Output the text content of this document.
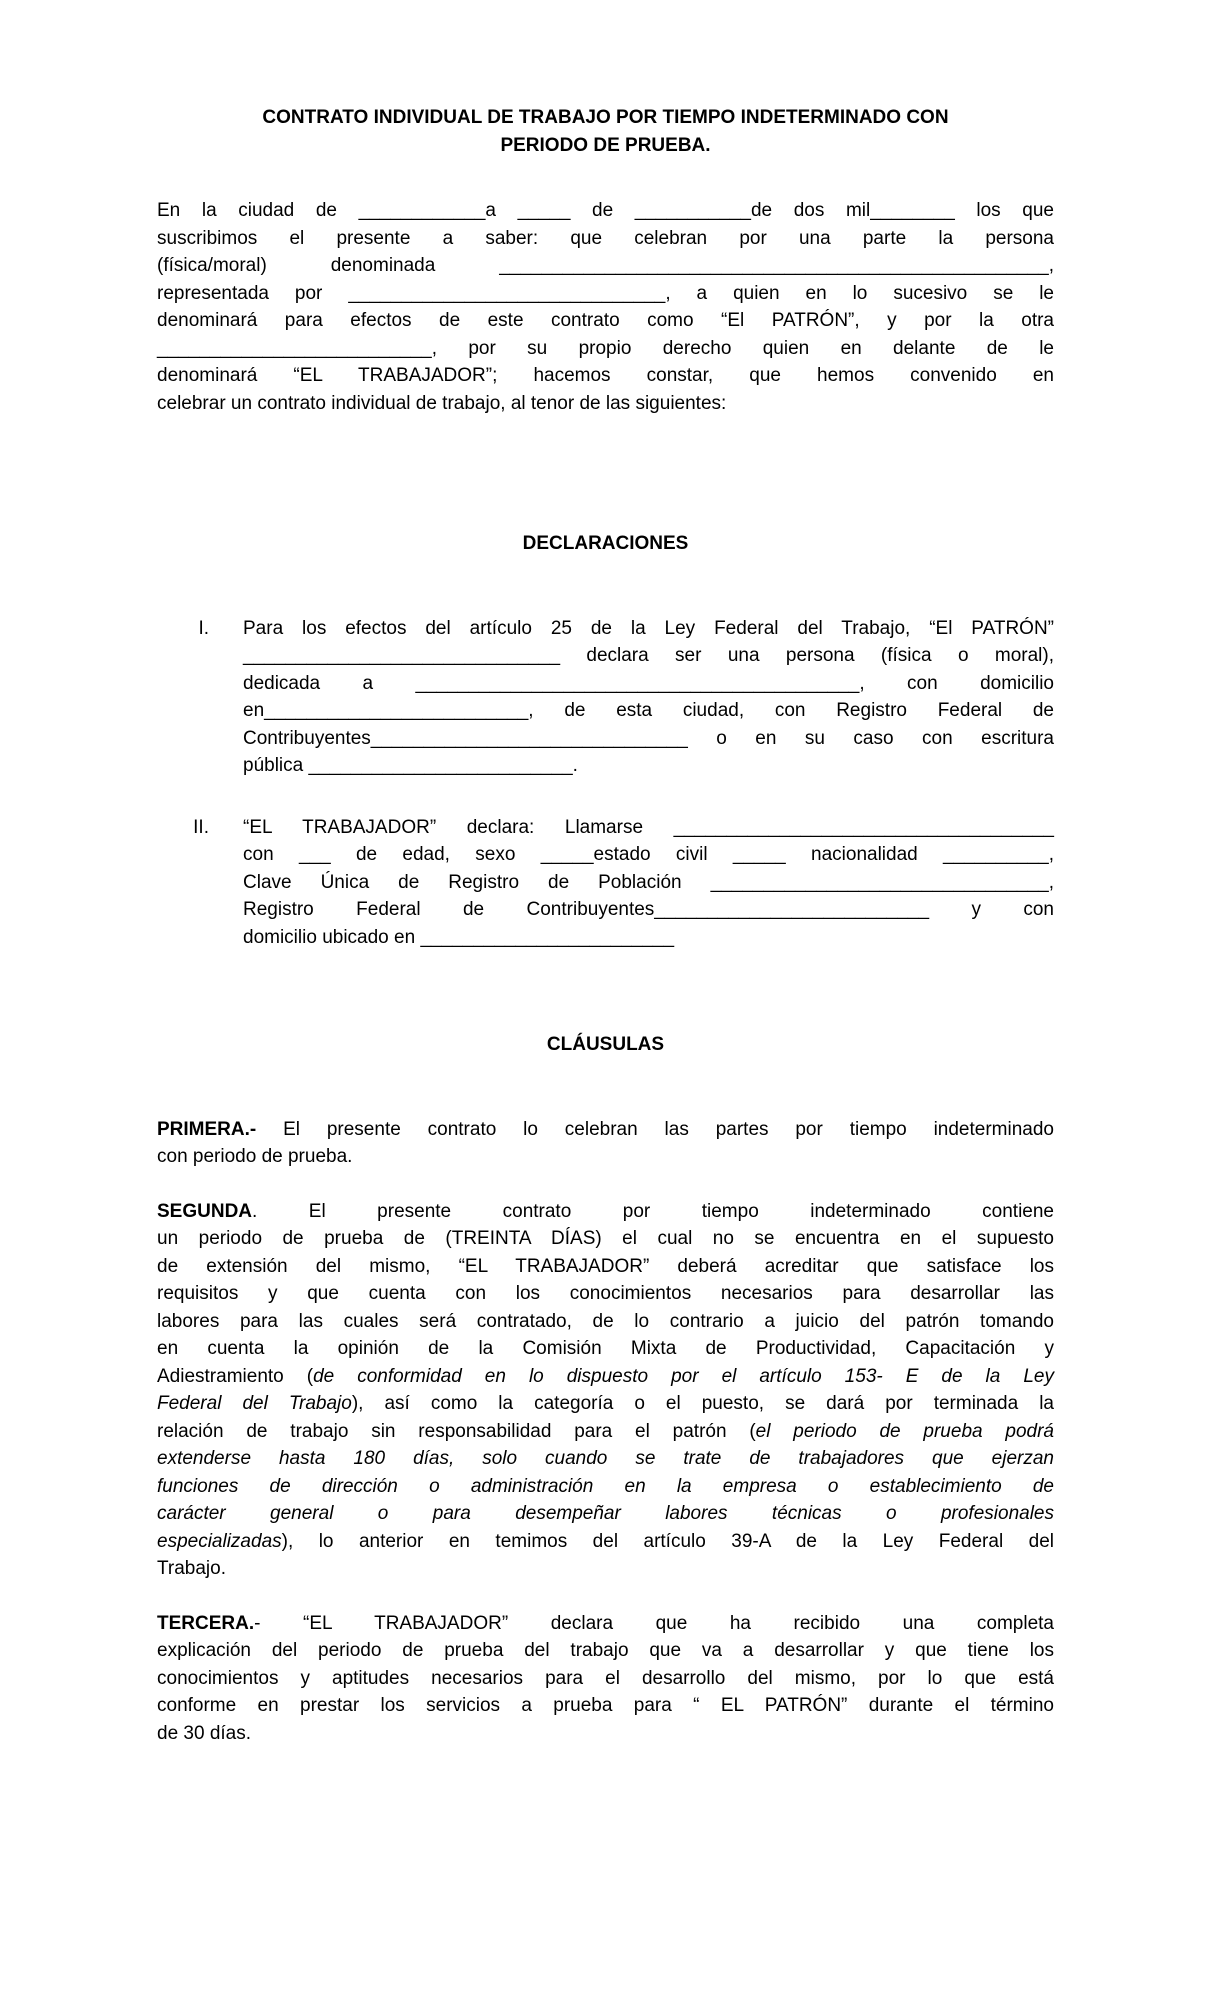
CONTRATO INDIVIDUAL DE TRABAJO POR TIEMPO INDETERMINADO CON
PERIODO DE PRUEBA.
En la ciudad de ____________a _____ de ___________de dos mil________ los que
suscribimos el presente a saber: que celebran por una parte la persona
(física/moral) denominada ____________________________________________________,
representada por ______________________________, a quien en lo sucesivo se le
denominará para efectos de este contrato como “El PATRÓN”, y por la otra
__________________________, por su propio derecho quien en delante de le
denominará “EL TRABAJADOR”; hacemos constar, que hemos convenido en
celebrar un contrato individual de trabajo, al tenor de las siguientes:
DECLARACIONES
I. Para los efectos del artículo 25 de la Ley Federal del Trabajo, “El PATRÓN”
______________________________ declara ser una persona (física o moral),
dedicada a __________________________________________, con domicilio
en_________________________, de esta ciudad, con Registro Federal de
Contribuyentes______________________________ o en su caso con escritura
pública _________________________.
II. “EL TRABAJADOR” declara: Llamarse ____________________________________
con ___ de edad, sexo _____estado civil _____ nacionalidad __________,
Clave Única de Registro de Población ________________________________,
Registro Federal de Contribuyentes__________________________ y con
domicilio ubicado en ________________________
CLÁUSULAS
PRIMERA.- El presente contrato lo celebran las partes por tiempo indeterminado
con periodo de prueba.
SEGUNDA. El presente contrato por tiempo indeterminado contiene
un periodo de prueba de (TREINTA DÍAS) el cual no se encuentra en el supuesto
de extensión del mismo, “EL TRABAJADOR” deberá acreditar que satisface los
requisitos y que cuenta con los conocimientos necesarios para desarrollar las
labores para las cuales será contratado, de lo contrario a juicio del patrón tomando
en cuenta la opinión de la Comisión Mixta de Productividad, Capacitación y
Adiestramiento (de conformidad en lo dispuesto por el artículo 153- E de la Ley
Federal del Trabajo), así como la categoría o el puesto, se dará por terminada la
relación de trabajo sin responsabilidad para el patrón (el periodo de prueba podrá
extenderse hasta 180 días, solo cuando se trate de trabajadores que ejerzan
funciones de dirección o administración en la empresa o establecimiento de
carácter general o para desempeñar labores técnicas o profesionales
especializadas), lo anterior en temimos del artículo 39-A de la Ley Federal del
Trabajo.
TERCERA.- “EL TRABAJADOR” declara que ha recibido una completa
explicación del periodo de prueba del trabajo que va a desarrollar y que tiene los
conocimientos y aptitudes necesarios para el desarrollo del mismo, por lo que está
conforme en prestar los servicios a prueba para “ EL PATRÓN” durante el término
de 30 días.
